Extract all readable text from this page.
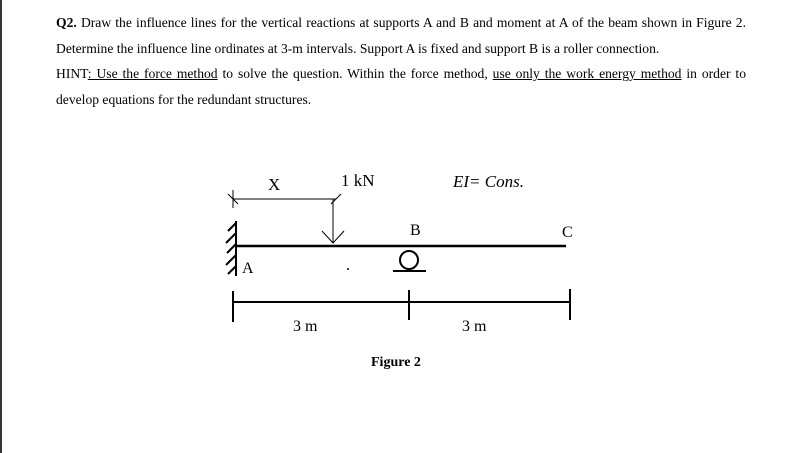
Q2. Draw the influence lines for the vertical reactions at supports A and B and moment at A of the beam shown in Figure 2. Determine the influence line ordinates at 3-m intervals. Support A is fixed and support B is a roller connection.

HINT: Use the force method to solve the question. Within the force method, use only the work energy method in order to develop equations for the redundant structures.

X	1 kN	EI= Cons.
A
B	C
3 m	3 m
Figure 2
